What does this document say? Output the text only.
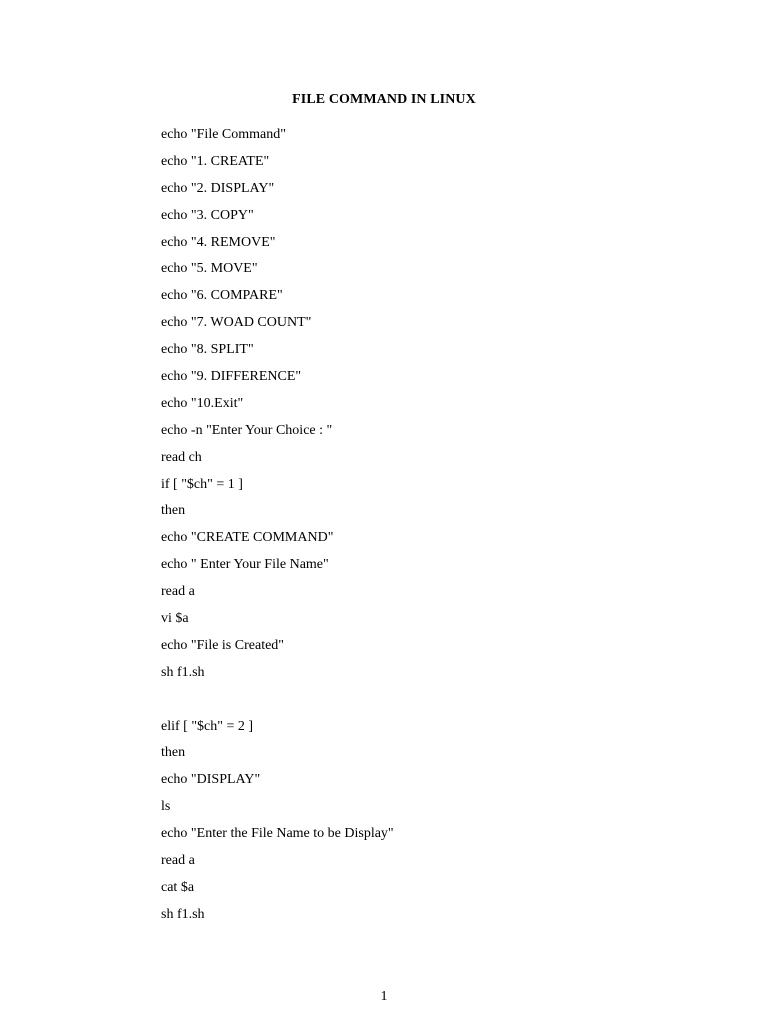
FILE COMMAND IN LINUX
echo "File Command"
echo "1. CREATE"
echo "2. DISPLAY"
echo "3. COPY"
echo "4. REMOVE"
echo "5. MOVE"
echo "6. COMPARE"
echo "7. WOAD COUNT"
echo "8. SPLIT"
echo "9. DIFFERENCE"
echo "10.Exit"
echo -n "Enter Your Choice : "
read ch
if [ "$ch" = 1 ]
then
echo "CREATE COMMAND"
echo " Enter Your File Name"
read a
vi $a
echo "File is Created"
sh f1.sh
elif [ "$ch" = 2 ]
then
echo "DISPLAY"
ls
echo "Enter the File Name to be Display"
read a
cat $a
sh f1.sh
1
